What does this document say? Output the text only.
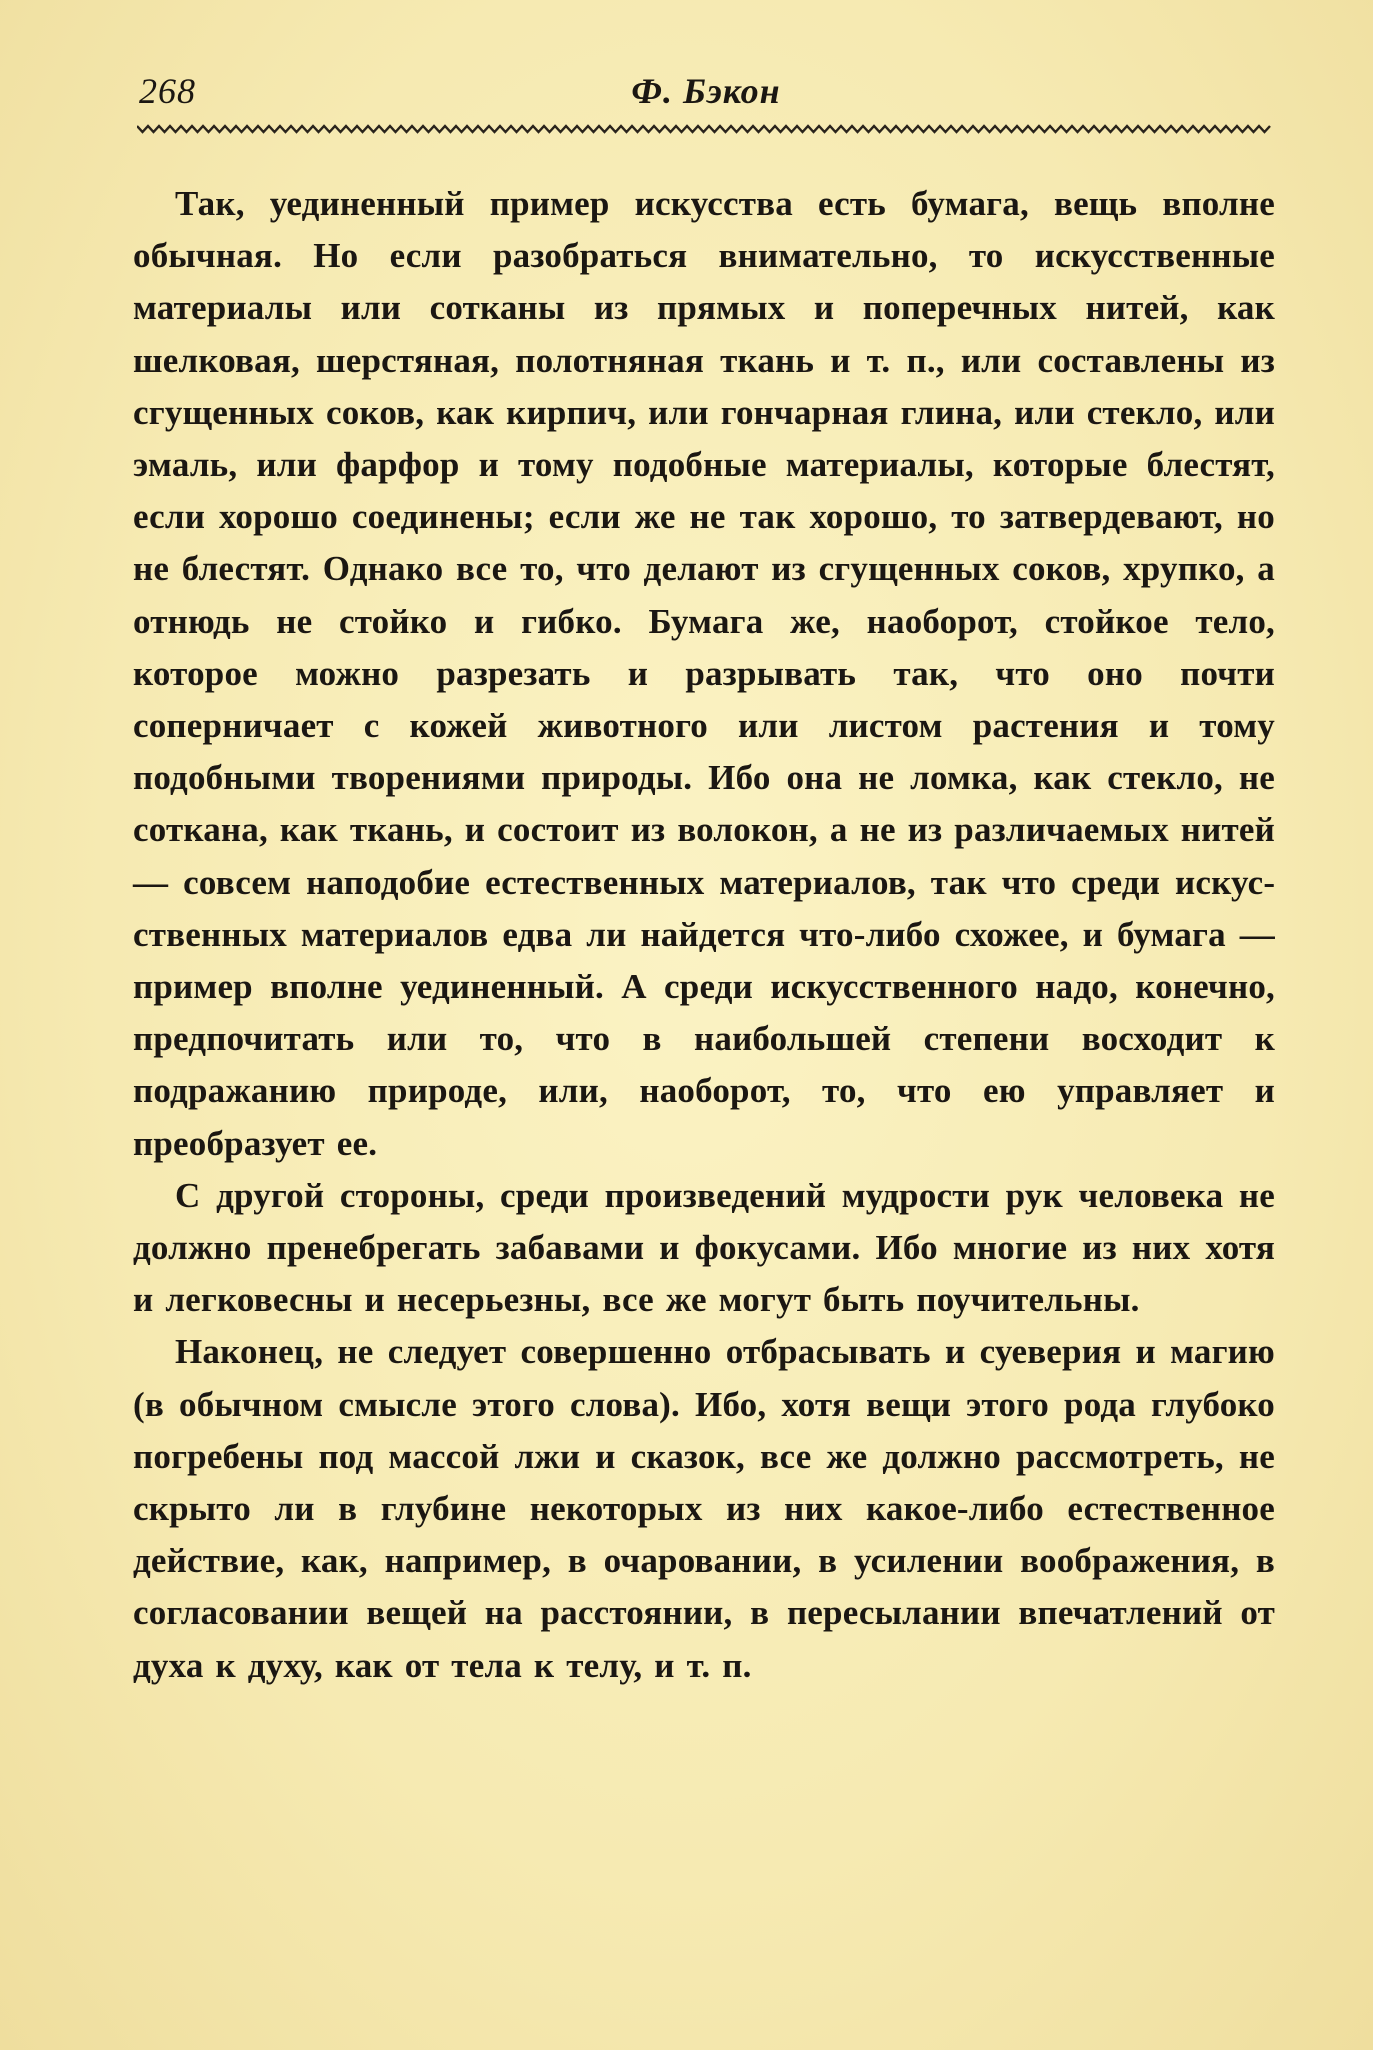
268	Ф. Бэкон

Так, уединенный пример искусства есть бумага, вещь вполне обычная. Но если разобраться внимательно, то искусственные материалы или сотканы из прямых и поперечных нитей, как шелковая, шерстяная, полотняная ткань и т. п., или составлены из сгущенных соков, как кирпич, или гончарная глина, или стекло, или эмаль, или фарфор и тому подобные материалы, которые блестят, если хорошо соединены; если же не так хорошо, то затвердевают, но не блестят. Однако все то, что делают из сгущенных соков, хрупко, а отнюдь не стойко и гибко. Бумага же, наоборот, стойкое тело, которое можно разрезать и разрывать так, что оно почти соперничает с кожей животного или листом растения и тому подобными творениями природы. Ибо она не ломка, как стекло, не соткана, как ткань, и состоит из волокон, а не из различаемых нитей — совсем наподобие естественных материалов, так что среди искусственных материалов едва ли найдется что-либо схожее, и бумага — пример вполне уединенный. А среди искусственного надо, конечно, предпочитать или то, что в наибольшей степени восходит к подражанию природе, или, наоборот, то, что ею управляет и преобразует ее.

С другой стороны, среди произведений мудрости рук человека не должно пренебрегать забавами и фокусами. Ибо многие из них хотя и легковесны и несерьезны, все же могут быть поучительны.

Наконец, не следует совершенно отбрасывать и суеверия и магию (в обычном смысле этого слова). Ибо, хотя вещи этого рода глубоко погребены под массой лжи и сказок, все же должно рассмотреть, не скрыто ли в глубине некоторых из них какое-либо естественное действие, как, например, в очаровании, в усилении воображения, в согласовании вещей на расстоянии, в пересылании впечатлений от духа к духу, как от тела к телу, и т. п.
